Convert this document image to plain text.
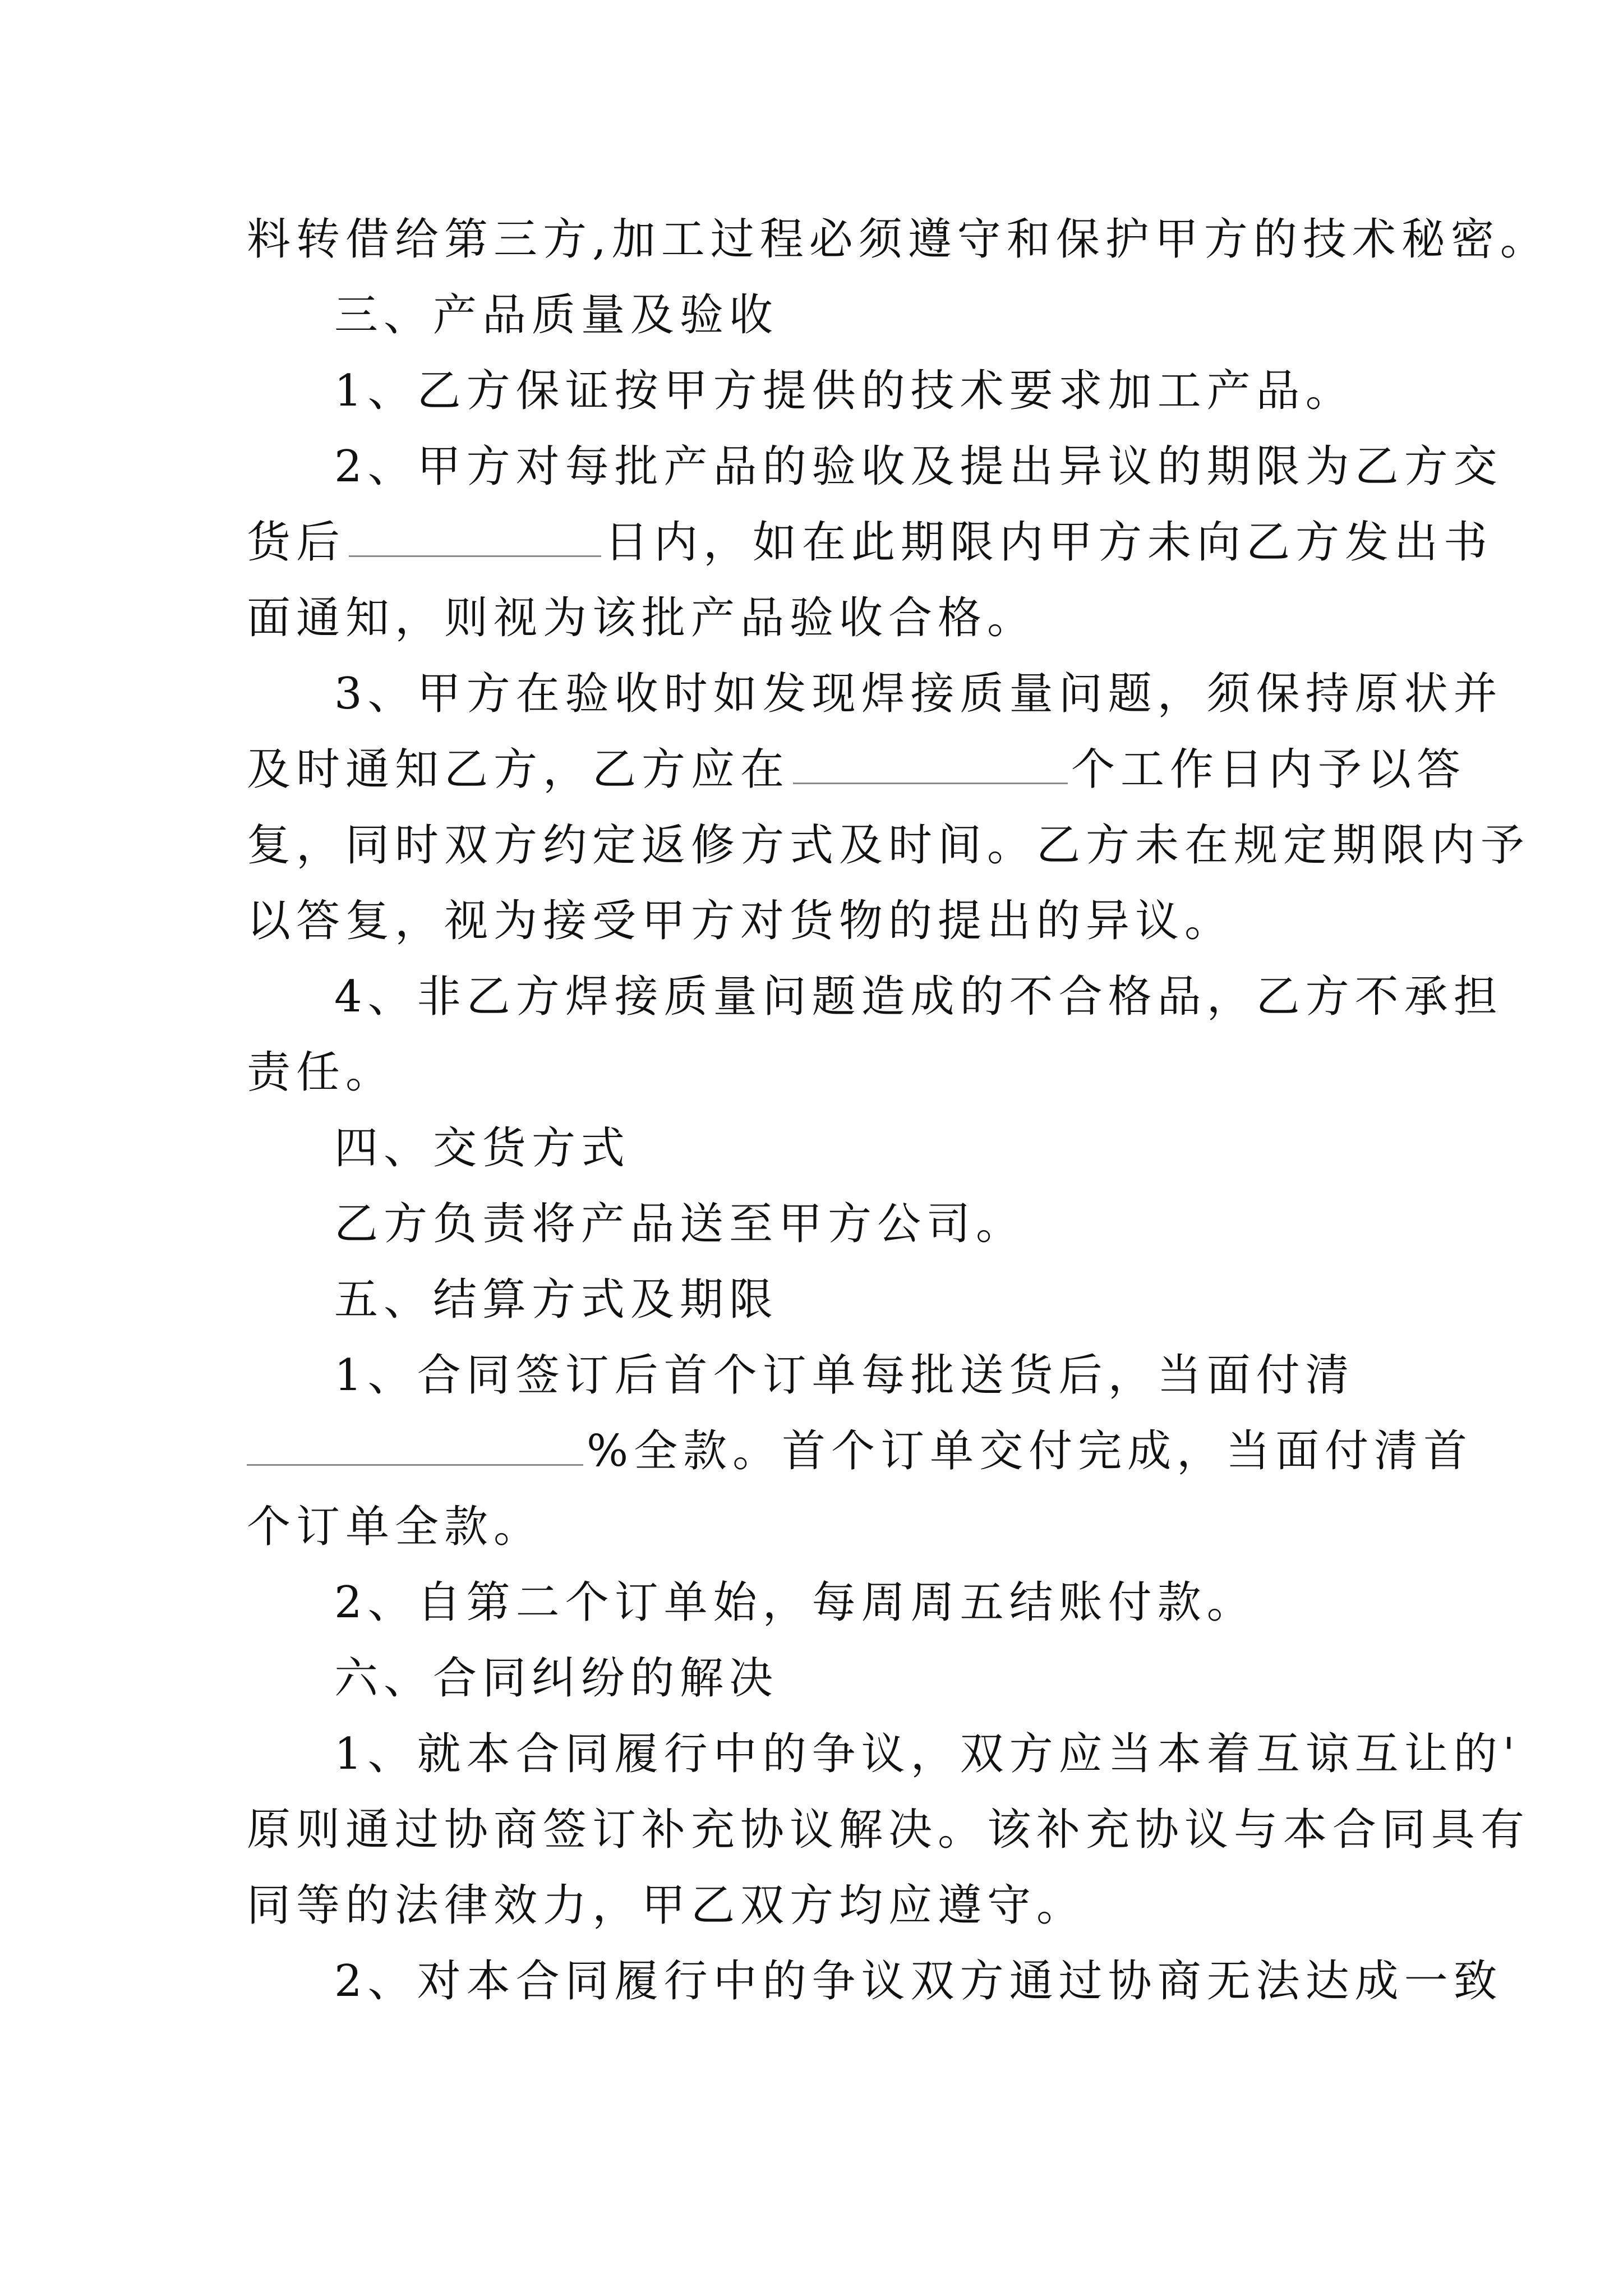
料转借给第三方,加工过程必须遵守和保护甲方的技术秘密。
三、产品质量及验收
1、乙方保证按甲方提供的技术要求加工产品。
2、甲方对每批产品的验收及提出异议的期限为乙方交
货后	日内，如在此期限内甲方未向乙方发出书
面通知，则视为该批产品验收合格。
3、甲方在验收时如发现焊接质量问题，须保持原状并
及时通知乙方，乙方应在	个工作日内予以答
复，同时双方约定返修方式及时间。乙方未在规定期限内予
以答复，视为接受甲方对货物的提出的异议。
4、非乙方焊接质量问题造成的不合格品，乙方不承担
责任。
四、交货方式
乙方负责将产品送至甲方公司。
五、结算方式及期限
1、合同签订后首个订单每批送货后，当面付清
%全款。首个订单交付完成，当面付清首
个订单全款。
2、自第二个订单始，每周周五结账付款。
六、合同纠纷的解决
1、就本合同履行中的争议，双方应当本着互谅互让的'
原则通过协商签订补充协议解决。该补充协议与本合同具有
同等的法律效力，甲乙双方均应遵守。
2、对本合同履行中的争议双方通过协商无法达成一致
